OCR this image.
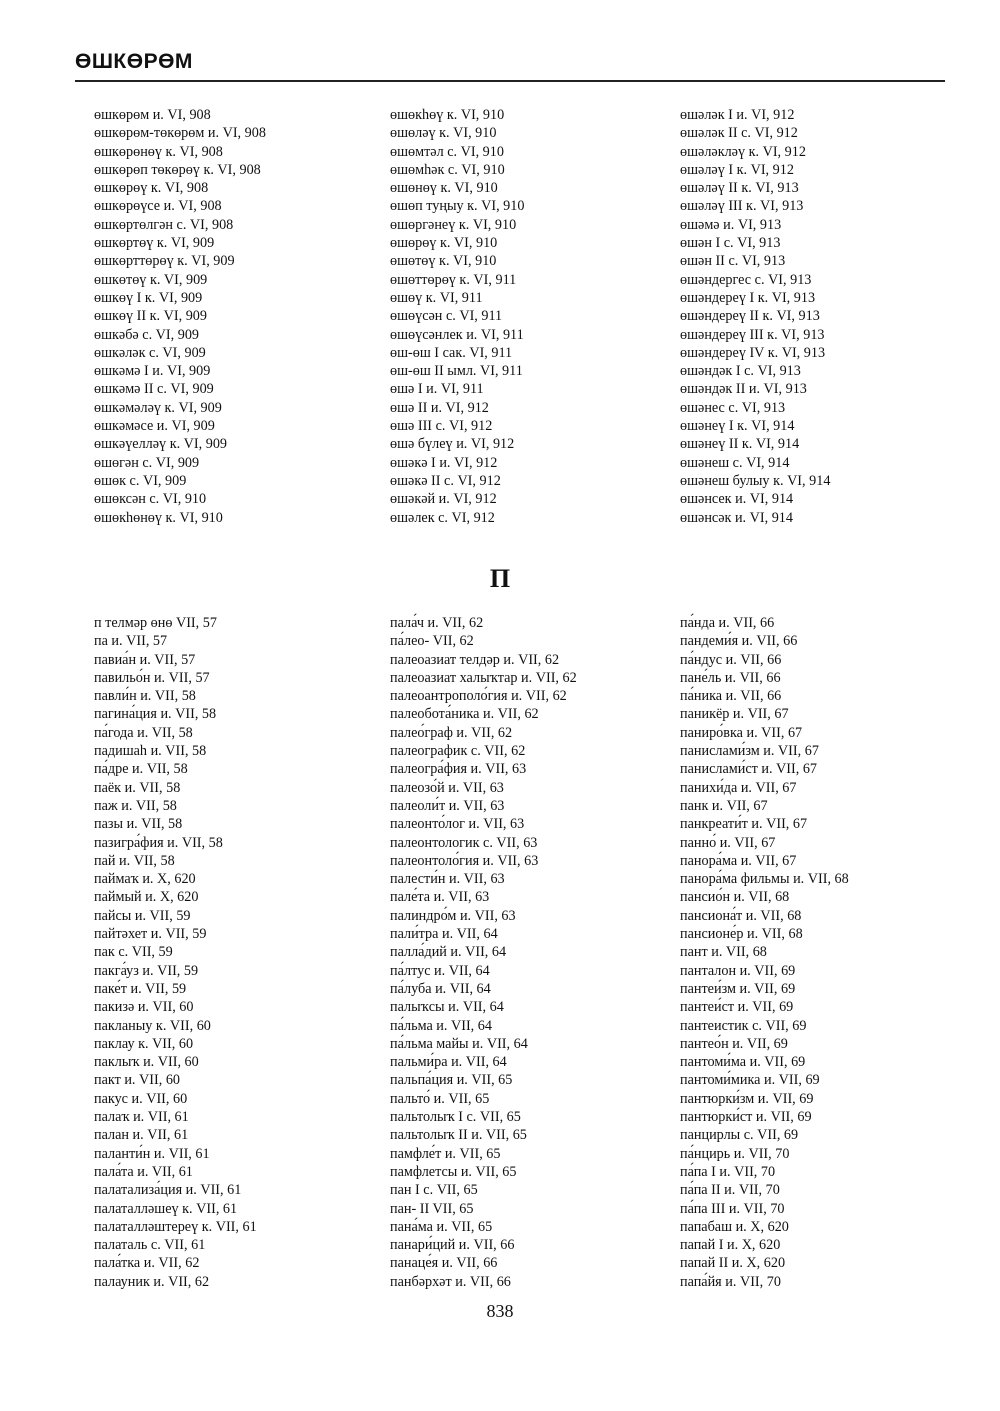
ӨШКӨРӨМ
өшкөрөм и. VI, 908
өшкөрөм-төкөрөм и. VI, 908
өшкөрөнөү к. VI, 908
өшкөрөп төкөрөү к. VI, 908
өшкөрөү к. VI, 908
өшкөрөүсе и. VI, 908
өшкөртөлгән с. VI, 908
өшкөртөү к. VI, 909
өшкөрттөрөү к. VI, 909
өшкөтөү к. VI, 909
өшкөү I к. VI, 909
өшкөү II к. VI, 909
өшкәбә с. VI, 909
өшкәләк с. VI, 909
өшкәмә I и. VI, 909
өшкәмә II с. VI, 909
өшкәмәләү к. VI, 909
өшкәмәсе и. VI, 909
өшкәүелләү к. VI, 909
өшөгән с. VI, 909
өшөк с. VI, 909
өшөксән с. VI, 910
өшөкһөнөү к. VI, 910
өшөкһөү к. VI, 910
өшөләү к. VI, 910
өшөмтәл с. VI, 910
өшөмһәк с. VI, 910
өшөнөү к. VI, 910
өшөп туңыу к. VI, 910
өшөргәнеү к. VI, 910
өшөрөү к. VI, 910
өшөтөү к. VI, 910
өшөттөрөү к. VI, 911
өшөү к. VI, 911
өшөүсән с. VI, 911
өшөүсәнлек и. VI, 911
өш-өш I сак. VI, 911
өш-өш II ымл. VI, 911
өшә I и. VI, 911
өшә II и. VI, 912
өшә III с. VI, 912
өшә бүлеү и. VI, 912
өшәкә I и. VI, 912
өшәкә II с. VI, 912
өшәкәй и. VI, 912
өшәлек с. VI, 912
өшәләк I и. VI, 912
өшәләк II с. VI, 912
өшәләкләү к. VI, 912
өшәләү I к. VI, 912
өшәләү II к. VI, 913
өшәләү III к. VI, 913
өшәмә и. VI, 913
өшән I с. VI, 913
өшән II с. VI, 913
өшәндергес с. VI, 913
өшәндереү I к. VI, 913
өшәндереү II к. VI, 913
өшәндереү III к. VI, 913
өшәндереү IV к. VI, 913
өшәндәк I с. VI, 913
өшәндәк II и. VI, 913
өшәнес с. VI, 913
өшәнеү I к. VI, 914
өшәнеү II к. VI, 914
өшәнеш с. VI, 914
өшәнеш булыу к. VI, 914
өшәнсек и. VI, 914
өшәнсәк и. VI, 914
П
п телмәр өнө VII, 57
па и. VII, 57
павиа́н и. VII, 57
павильо́н и. VII, 57
павли́н и. VII, 58
пагина́ция и. VII, 58
па́года и. VII, 58
падишаһ и. VII, 58
па́дре и. VII, 58
паёк и. VII, 58
паж и. VII, 58
пазы и. VII, 58
пазигра́фия и. VII, 58
пай и. VII, 58
паймаҡ и. X, 620
паймый и. X, 620
пайсы и. VII, 59
пайтәхет и. VII, 59
пак с. VII, 59
пакга́уз и. VII, 59
паке́т и. VII, 59
пакизә и. VII, 60
пакланыу к. VII, 60
паклау к. VII, 60
паклыҡ и. VII, 60
пакт и. VII, 60
пакус и. VII, 60
палаҡ и. VII, 61
палан и. VII, 61
паланти́н и. VII, 61
пала́та и. VII, 61
палатализа́ция и. VII, 61
палаталләшеү к. VII, 61
палаталләштереү к. VII, 61
палаталь с. VII, 61
пала́тка и. VII, 62
палауник и. VII, 62
пала́ч и. VII, 62
па́лео- VII, 62
палеоазиат телдәр и. VII, 62
палеоазиат халыҡтар и. VII, 62
палеоантрополо́гия и. VII, 62
палеобота́ника и. VII, 62
палео́граф и. VII, 62
палеографик с. VII, 62
палеогра́фия и. VII, 63
палеозо́й и. VII, 63
палеоли́т и. VII, 63
палеонто́лог и. VII, 63
палеонтологик с. VII, 63
палеонтоло́гия и. VII, 63
палести́н и. VII, 63
пале́та и. VII, 63
палиндро́м и. VII, 63
пали́тра и. VII, 64
палла́дий и. VII, 64
па́лтус и. VII, 64
па́луба и. VII, 64
палыҡсы и. VII, 64
па́льма и. VII, 64
па́льма майы и. VII, 64
пальми́ра и. VII, 64
пальпа́ция и. VII, 65
пальто́ и. VII, 65
пальтолыҡ I с. VII, 65
пальтолыҡ II и. VII, 65
памфле́т и. VII, 65
памфлетсы и. VII, 65
пан I с. VII, 65
пан- II VII, 65
пана́ма и. VII, 65
панари́ций и. VII, 66
панаце́я и. VII, 66
панбәрхәт и. VII, 66
па́нда и. VII, 66
пандеми́я и. VII, 66
па́ндус и. VII, 66
пане́ль и. VII, 66
па́ника и. VII, 66
паникёр и. VII, 67
паниро́вка и. VII, 67
панислами́зм и. VII, 67
панислами́ст и. VII, 67
панихи́да и. VII, 67
панк и. VII, 67
панкреати́т и. VII, 67
панно́ и. VII, 67
панора́ма и. VII, 67
панора́ма фильмы и. VII, 68
пансио́н и. VII, 68
пансиона́т и. VII, 68
пансионе́р и. VII, 68
пант и. VII, 68
панталон и. VII, 69
пантеи́зм и. VII, 69
пантеи́ст и. VII, 69
пантеистик с. VII, 69
пантео́н и. VII, 69
пантоми́ма и. VII, 69
пантоми́мика и. VII, 69
пантюрки́зм и. VII, 69
пантюрки́ст и. VII, 69
панцирлы с. VII, 69
па́нцирь и. VII, 70
па́па I и. VII, 70
па́па II и. VII, 70
па́па III и. VII, 70
папабаш и. X, 620
папай I и. X, 620
папай II и. X, 620
папа́йя и. VII, 70
838
